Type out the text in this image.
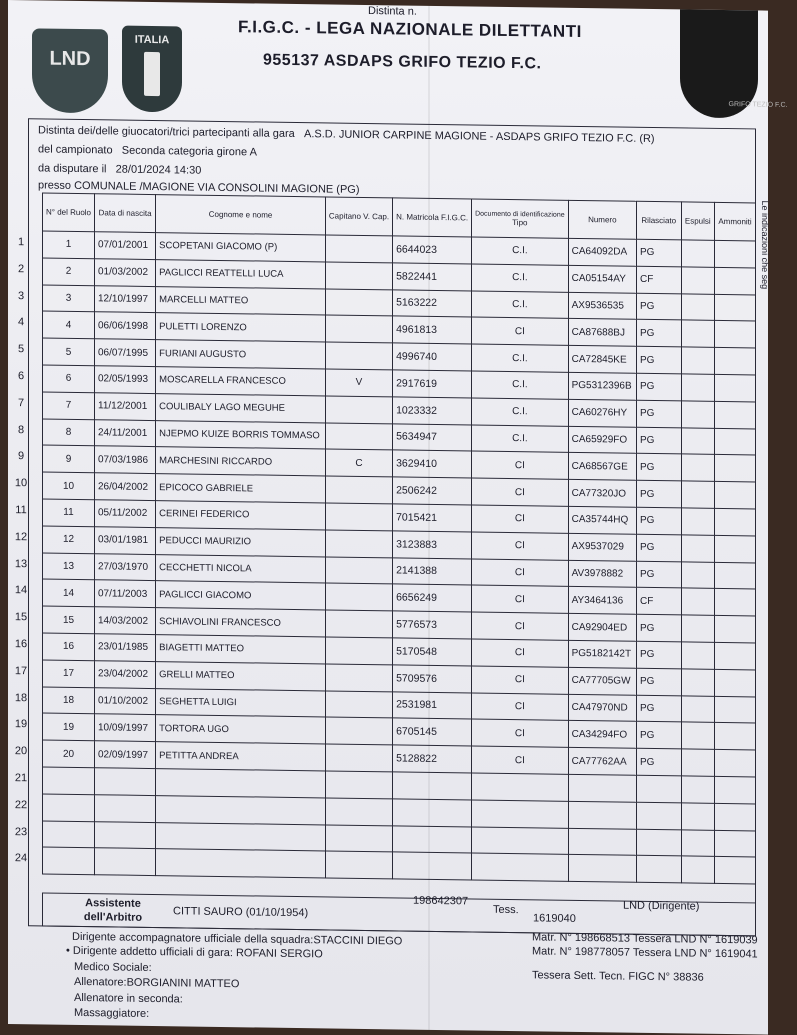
LND
ITALIA
GRIFO TEZIO F.C.
Distinta n.
F.I.G.C. - LEGA NAZIONALE DILETTANTI
955137 ASDAPS GRIFO TEZIO F.C.
Distinta dei/delle giuocatori/trici partecipanti alla gara A.S.D. JUNIOR CARPINE MAGIONE - ASDAPS GRIFO TEZIO F.C. (R)
del campionato Seconda categoria girone A
da disputare il 28/01/2024 14:30
presso COMUNALE /MAGIONE VIA CONSOLINI MAGIONE (PG)
Le indicazioni che seg
N° del Ruolo	Data di nascita	Cognome e nome	Capitano V. Cap.	N. Matricola F.I.G.C.	Documento di identificazione
Tipo	Numero	Rilasciato	Espulsi	Ammoniti
1	07/01/2001	SCOPETANI GIACOMO (P)		6644023	C.I.	CA64092DA	PG		
2	01/03/2002	PAGLICCI REATTELLI LUCA		5822441	C.I.	CA05154AY	CF		
3	12/10/1997	MARCELLI MATTEO		5163222	C.I.	AX9536535	PG		
4	06/06/1998	PULETTI LORENZO		4961813	CI	CA87688BJ	PG		
5	06/07/1995	FURIANI AUGUSTO		4996740	C.I.	CA72845KE	PG		
6	02/05/1993	MOSCARELLA FRANCESCO	V	2917619	C.I.	PG5312396B	PG		
7	11/12/2001	COULIBALY LAGO MEGUHE		1023332	C.I.	CA60276HY	PG		
8	24/11/2001	NJEPMO KUIZE BORRIS TOMMASO		5634947	C.I.	CA65929FO	PG		
9	07/03/1986	MARCHESINI RICCARDO	C	3629410	CI	CA68567GE	PG		
10	26/04/2002	EPICOCO GABRIELE		2506242	CI	CA77320JO	PG		
11	05/11/2002	CERINEI FEDERICO		7015421	CI	CA35744HQ	PG		
12	03/01/1981	PEDUCCI MAURIZIO		3123883	CI	AX9537029	PG		
13	27/03/1970	CECCHETTI NICOLA		2141388	CI	AV3978882	PG		
14	07/11/2003	PAGLICCI GIACOMO		6656249	CI	AY3464136	CF		
15	14/03/2002	SCHIAVOLINI FRANCESCO		5776573	CI	CA92904ED	PG		
16	23/01/1985	BIAGETTI MATTEO		5170548	CI	PG5182142T	PG		
17	23/04/2002	GRELLI MATTEO		5709576	CI	CA77705GW	PG		
18	01/10/2002	SEGHETTA LUIGI		2531981	CI	CA47970ND	PG		
19	10/09/1997	TORTORA UGO		6705145	CI	CA34294FO	PG		
20	02/09/1997	PETITTA ANDREA		5128822	CI	CA77762AA	PG		

1
2
3
4
5
6
7
8
9
10
11
12
13
14
15
16
17
18
19
20
21
22
23
24
Assistente dell'Arbitro	CITTI SAURO (01/10/1954)
198642307
Tess.
1619040
LND (Dirigente)
Dirigente accompagnatore ufficiale della squadra:STACCINI DIEGO
• Dirigente addetto ufficiali di gara: ROFANI SERGIO
Medico Sociale:
Allenatore:BORGIANINI MATTEO
Allenatore in seconda:
Massaggiatore:
Matr. N° 198668513 Tessera LND N° 1619039
Matr. N° 198778057 Tessera LND N° 1619041
Tessera Sett. Tecn. FIGC N° 38836
